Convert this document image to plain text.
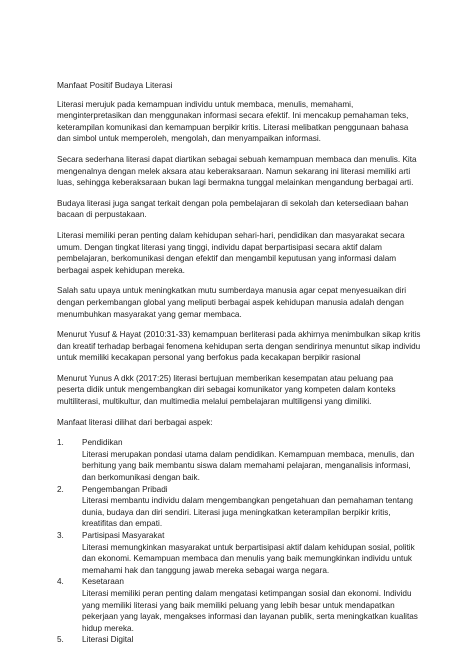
Manfaat Positif Budaya Literasi

Literasi merujuk pada kemampuan individu untuk membaca, menulis, memahami, menginterpretasikan dan menggunakan informasi secara efektif. Ini mencakup pemahaman teks, keterampilan komunikasi dan kemampuan berpikir kritis. Literasi melibatkan penggunaan bahasa dan simbol untuk memperoleh, mengolah, dan menyampaikan informasi.

Secara sederhana literasi dapat diartikan sebagai sebuah kemampuan membaca dan menulis. Kita mengenalnya dengan melek aksara atau keberaksaraan. Namun sekarang ini literasi memiliki arti luas, sehingga keberaksaraan bukan lagi bermakna tunggal melainkan mengandung berbagai arti.

Budaya literasi juga sangat terkait dengan pola pembelajaran di sekolah dan ketersediaan bahan bacaan di perpustakaan.

Literasi memiliki peran penting dalam kehidupan sehari-hari, pendidikan dan masyarakat secara umum. Dengan tingkat literasi yang tinggi, individu dapat berpartisipasi secara aktif dalam pembelajaran, berkomunikasi dengan efektif dan mengambil keputusan yang informasi dalam berbagai aspek kehidupan mereka.

Salah satu upaya untuk meningkatkan mutu sumberdaya manusia agar cepat menyesuaikan diri dengan perkembangan global yang meliputi berbagai aspek kehidupan manusia adalah dengan menumbuhkan masyarakat yang gemar membaca.

Menurut Yusuf & Hayat (2010:31-33) kemampuan berliterasi pada akhirnya menimbulkan sikap kritis dan kreatif terhadap berbagai fenomena kehidupan serta dengan sendirinya menuntut sikap individu untuk memiliki kecakapan personal yang berfokus pada kecakapan berpikir rasional

Menurut Yunus A dkk (2017:25) literasi bertujuan memberikan kesempatan atau peluang paa peserta didik untuk mengembangkan diri sebagai komunikator yang kompeten dalam konteks multiliterasi, multikultur, dan multimedia melalui pembelajaran multiligensi yang dimiliki.

Manfaat literasi dilihat dari berbagai aspek:

1.	Pendidikan
Literasi merupakan pondasi utama dalam pendidikan. Kemampuan membaca, menulis, dan berhitung yang baik membantu siswa dalam memahami pelajaran, menganalisis informasi, dan berkomunikasi dengan baik.
2.	Pengembangan Pribadi
Literasi membantu individu dalam mengembangkan pengetahuan dan pemahaman tentang dunia, budaya dan diri sendiri. Literasi juga meningkatkan keterampilan berpikir kritis, kreatifitas dan empati.
3.	Partisipasi Masyarakat
Literasi memungkinkan masyarakat untuk berpartisipasi aktif dalam kehidupan sosial, politik dan ekonomi. Kemampuan membaca dan menulis yang baik memungkinkan individu untuk memahami hak dan tanggung jawab mereka sebagai warga negara.
4.	Kesetaraan
Literasi memiliki peran penting dalam mengatasi ketimpangan sosial dan ekonomi. Individu yang memiliki literasi yang baik memiliki peluang yang lebih besar untuk mendapatkan pekerjaan yang layak, mengakses informasi dan layanan publik, serta meningkatkan kualitas hidup mereka.
5.	Literasi Digital
